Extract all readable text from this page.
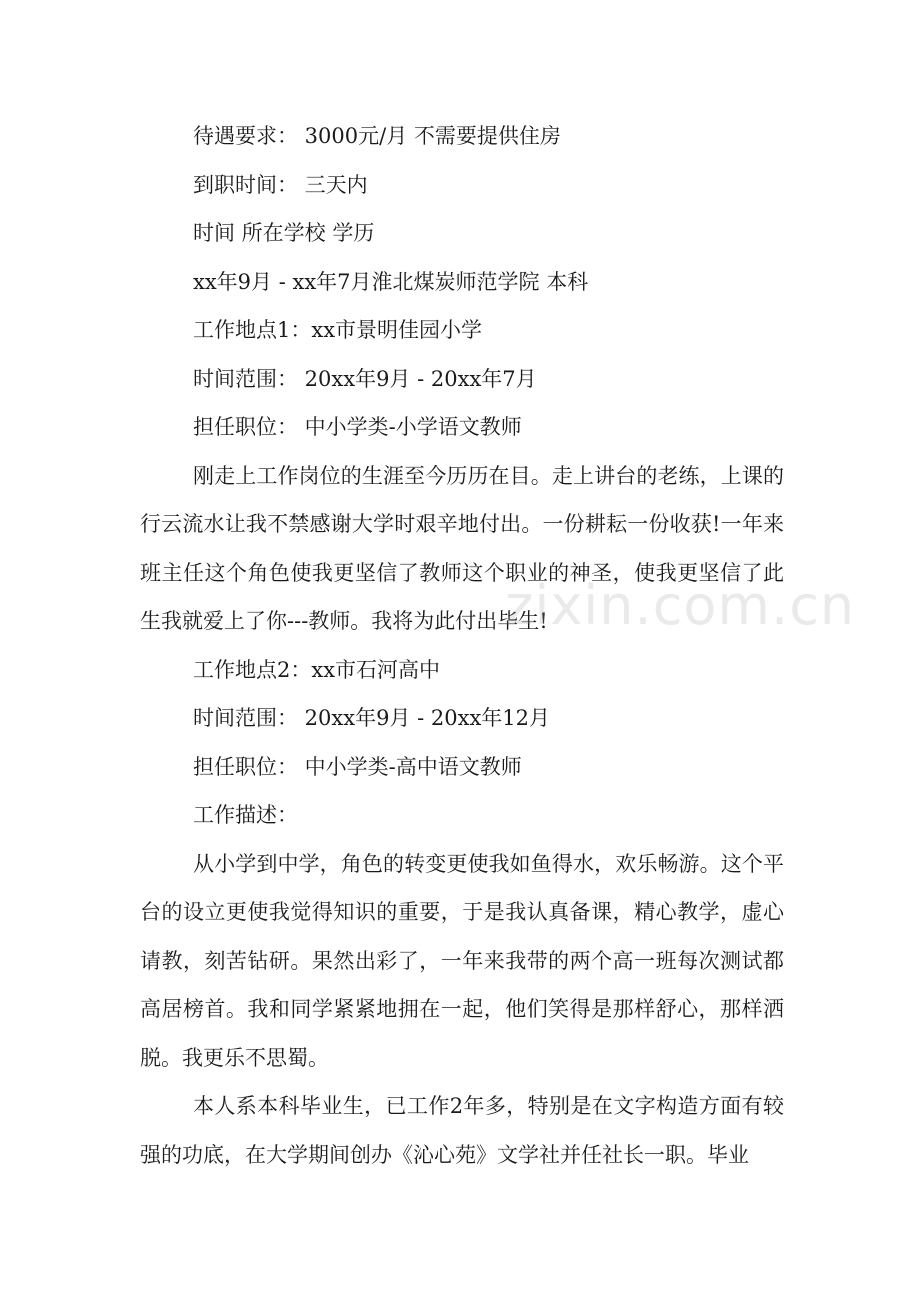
待遇要求： 3000元/月 不需要提供住房

到职时间： 三天内

时间 所在学校 学历

xx年9月 - xx年7月淮北煤炭师范学院 本科

工作地点1：xx市景明佳园小学

时间范围： 20xx年9月 - 20xx年7月

担任职位： 中小学类-小学语文教师

刚走上工作岗位的生涯至今历历在目。走上讲台的老练，上课的行云流水让我不禁感谢大学时艰辛地付出。一份耕耘一份收获!一年来班主任这个角色使我更坚信了教师这个职业的神圣，使我更坚信了此生我就爱上了你---教师。我将为此付出毕生!

工作地点2：xx市石河高中

时间范围： 20xx年9月 - 20xx年12月

担任职位： 中小学类-高中语文教师

工作描述：

从小学到中学，角色的转变更使我如鱼得水，欢乐畅游。这个平台的设立更使我觉得知识的重要，于是我认真备课，精心教学，虚心请教，刻苦钻研。果然出彩了，一年来我带的两个高一班每次测试都高居榜首。我和同学紧紧地拥在一起，他们笑得是那样舒心，那样洒脱。我更乐不思蜀。

本人系本科毕业生，已工作2年多，特别是在文字构造方面有较强的功底，在大学期间创办《沁心苑》文学社并任社长一职。毕业

zixin.com.cn
